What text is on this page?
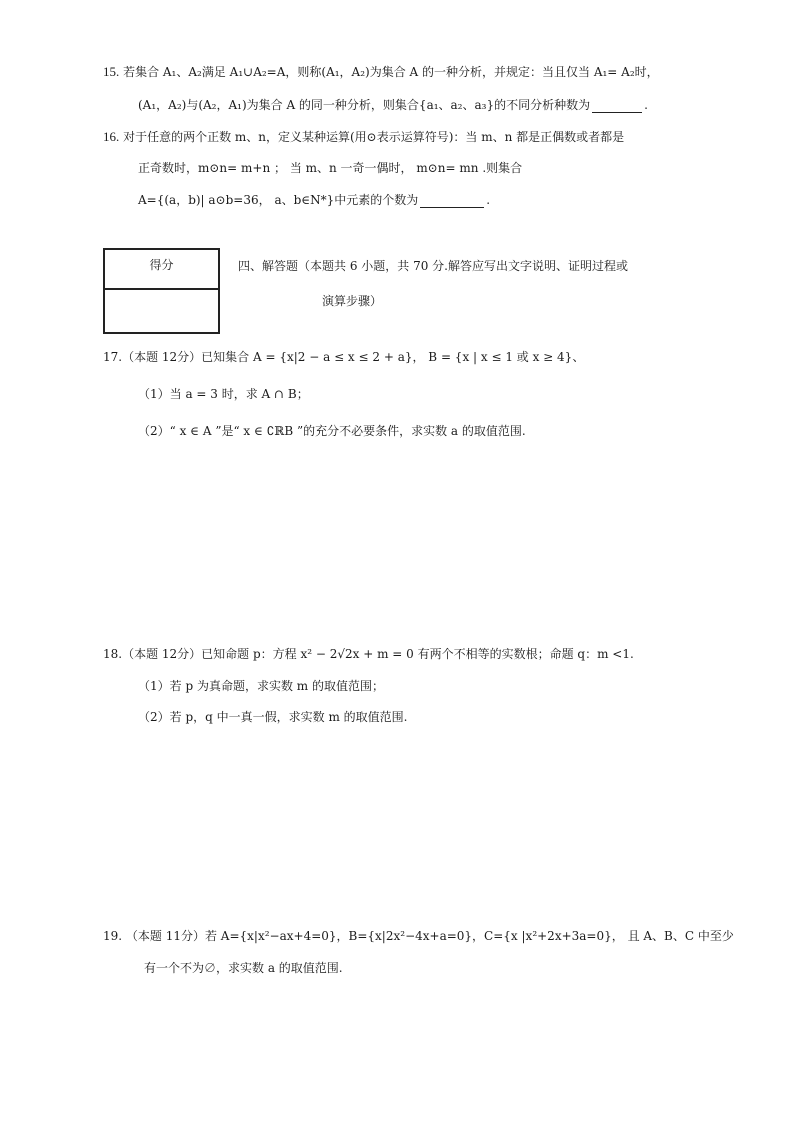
15. 若集合 A₁、A₂满足 A₁∪A₂=A，则称(A₁，A₂)为集合 A 的一种分析，并规定：当且仅当 A₁= A₂时，
(A₁，A₂)与(A₂，A₁)为集合 A 的同一种分析，则集合{a₁、a₂、a₃}的不同分析种数为	.
16. 对于任意的两个正数 m、n，定义某种运算(用⊙表示运算符号)：当 m、n 都是正偶数或者都是
正奇数时，m⊙n= m+n ； 当 m、n 一奇一偶时， m⊙n= mn .则集合
A={(a，b)| a⊙b=36， a、b∈N*}中元素的个数为	.
得分	四、解答题（本题共 6 小题，共 70 分.解答应写出文字说明、证明过程或
演算步骤）
17.（本题 12分）已知集合 A = {x|2 − a ≤ x ≤ 2 + a}， B = {x | x ≤ 1 或 x ≥ 4}、
（1）当 a = 3 时，求 A ∩ B；
（2）“ x ∈ A ”是“ x ∈ ∁ℝB ”的充分不必要条件，求实数 a 的取值范围.
18.（本题 12分）已知命题 p：方程 x² − 2√2x + m = 0 有两个不相等的实数根；命题 q：m <1.
（1）若 p 为真命题，求实数 m 的取值范围；
（2）若 p，q 中一真一假，求实数 m 的取值范围.
19. （本题 11分）若 A={x|x²−ax+4=0}，B={x|2x²−4x+a=0}，C={x |x²+2x+3a=0}， 且 A、B、C 中至少
有一个不为∅，求实数 a 的取值范围.
